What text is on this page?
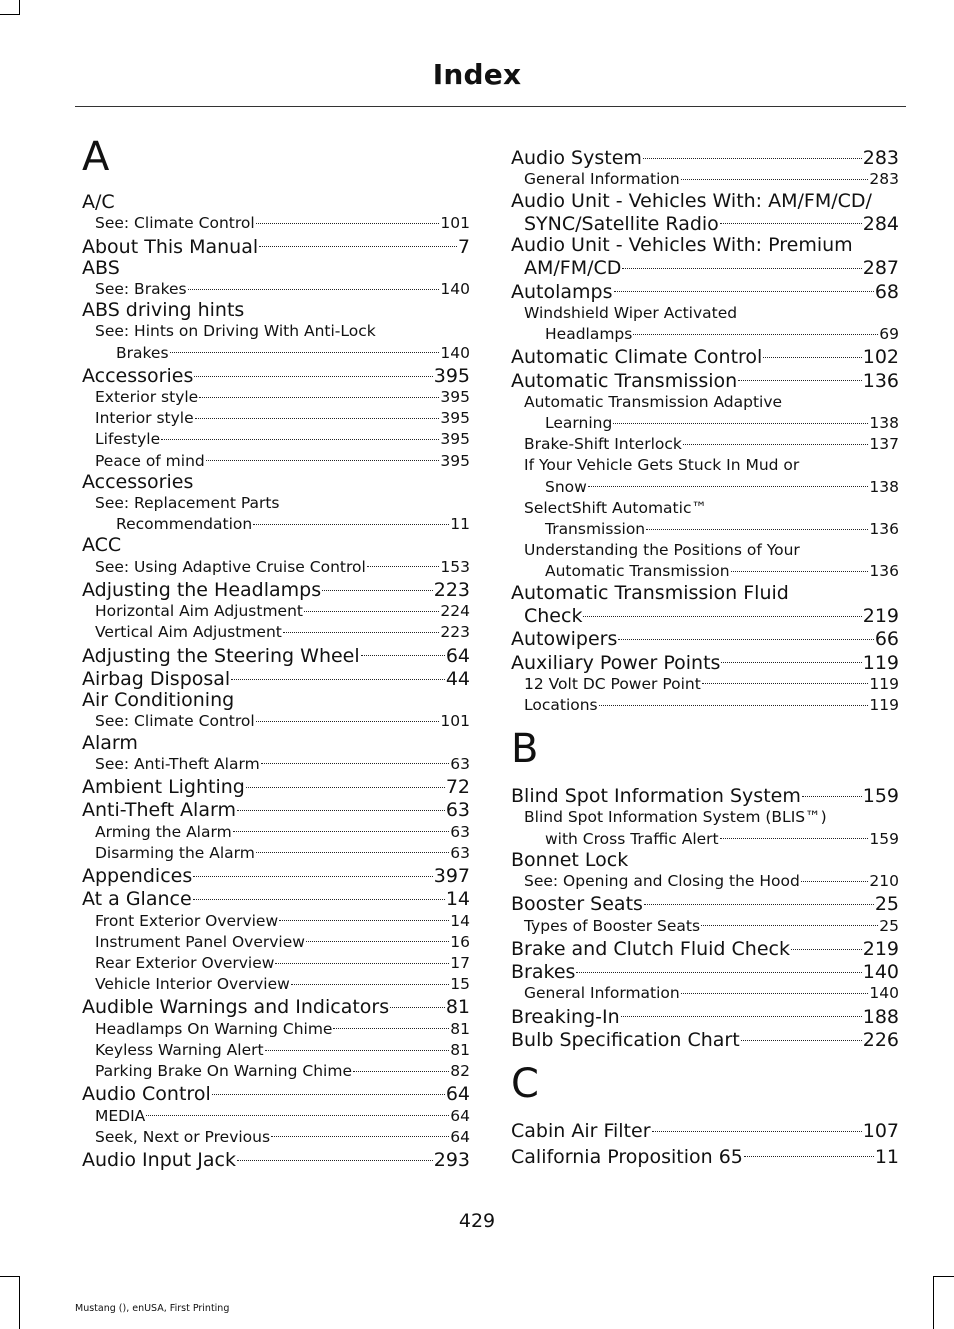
Index
A
A/C
See: Climate Control	101
About This Manual	7
ABS
See: Brakes	140
ABS driving hints
See: Hints on Driving With Anti-Lock
Brakes	140
Accessories	395
Exterior style	395
Interior style	395
Lifestyle	395
Peace of mind	395
Accessories
See: Replacement Parts
Recommendation	11
ACC
See: Using Adaptive Cruise Control	153
Adjusting the Headlamps	223
Horizontal Aim Adjustment	224
Vertical Aim Adjustment	223
Adjusting the Steering Wheel	64
Airbag Disposal	44
Air Conditioning
See: Climate Control	101
Alarm
See: Anti-Theft Alarm	63
Ambient Lighting	72
Anti-Theft Alarm	63
Arming the Alarm	63
Disarming the Alarm	63
Appendices	397
At a Glance	14
Front Exterior Overview	14
Instrument Panel Overview	16
Rear Exterior Overview	17
Vehicle Interior Overview	15
Audible Warnings and Indicators	81
Headlamps On Warning Chime	81
Keyless Warning Alert	81
Parking Brake On Warning Chime	82
Audio Control	64
MEDIA	64
Seek, Next or Previous	64
Audio Input Jack	293
Audio System	283
General Information	283
Audio Unit - Vehicles With: AM/FM/CD/
SYNC/Satellite Radio	284
Audio Unit - Vehicles With: Premium
AM/FM/CD	287
Autolamps	68
Windshield Wiper Activated
Headlamps	69
Automatic Climate Control	102
Automatic Transmission	136
Automatic Transmission Adaptive
Learning	138
Brake-Shift Interlock	137
If Your Vehicle Gets Stuck In Mud or
Snow	138
SelectShift Automatic™
Transmission	136
Understanding the Positions of Your
Automatic Transmission	136
Automatic Transmission Fluid
Check	219
Autowipers	66
Auxiliary Power Points	119
12 Volt DC Power Point	119
Locations	119
B
Blind Spot Information System	159
Blind Spot Information System (BLIS™)
with Cross Traffic Alert	159
Bonnet Lock
See: Opening and Closing the Hood	210
Booster Seats	25
Types of Booster Seats	25
Brake and Clutch Fluid Check	219
Brakes	140
General Information	140
Breaking-In	188
Bulb Specification Chart	226
C
Cabin Air Filter	107
California Proposition 65	11
429
Mustang (), enUSA, First Printing
